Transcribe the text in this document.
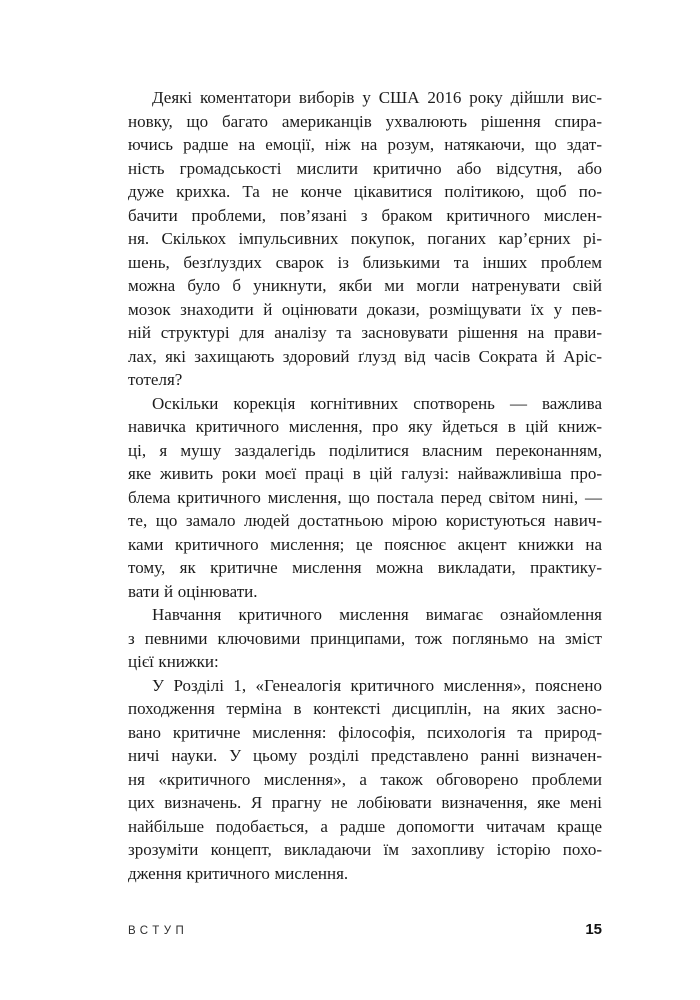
Деякі коментатори виборів у США 2016 року дійшли вис-
новку, що багато американців ухвалюють рішення спира-
ючись радше на емоції, ніж на розум, натякаючи, що здат-
ність громадськості мислити критично або відсутня, або
дуже крихка. Та не конче цікавитися політикою, щоб по-
бачити проблеми, пов’язані з браком критичного мислен-
ня. Скількох імпульсивних покупок, поганих кар’єрних рі-
шень, безґлуздих сварок із близькими та інших проблем
можна було б уникнути, якби ми могли натренувати свій
мозок знаходити й оцінювати докази, розміщувати їх у пев-
ній структурі для аналізу та засновувати рішення на прави-
лах, які захищають здоровий ґлузд від часів Сократа й Аріс-
тотеля?

Оскільки корекція когнітивних спотворень — важлива
навичка критичного мислення, про яку йдеться в цій книж-
ці, я мушу заздалегідь поділитися власним переконанням,
яке живить роки моєї праці в цій галузі: найважливіша про-
блема критичного мислення, що постала перед світом нині, —
те, що замало людей достатньою мірою користуються навич-
ками критичного мислення; це пояснює акцент книжки на
тому, як критичне мислення можна викладати, практику-
вати й оцінювати.

Навчання критичного мислення вимагає ознайомлення
з певними ключовими принципами, тож погляньмо на зміст
цієї книжки:

У Розділі 1, «Генеалогія критичного мислення», пояснено
походження терміна в контексті дисциплін, на яких засно-
вано критичне мислення: філософія, психологія та природ-
ничі науки. У цьому розділі представлено ранні визначен-
ня «критичного мислення», а також обговорено проблеми
цих визначень. Я прагну не лобіювати визначення, яке мені
найбільше подобається, а радше допомогти читачам краще
зрозуміти концепт, викладаючи їм захопливу історію похо-
дження критичного мислення.

ВСТУП	15
